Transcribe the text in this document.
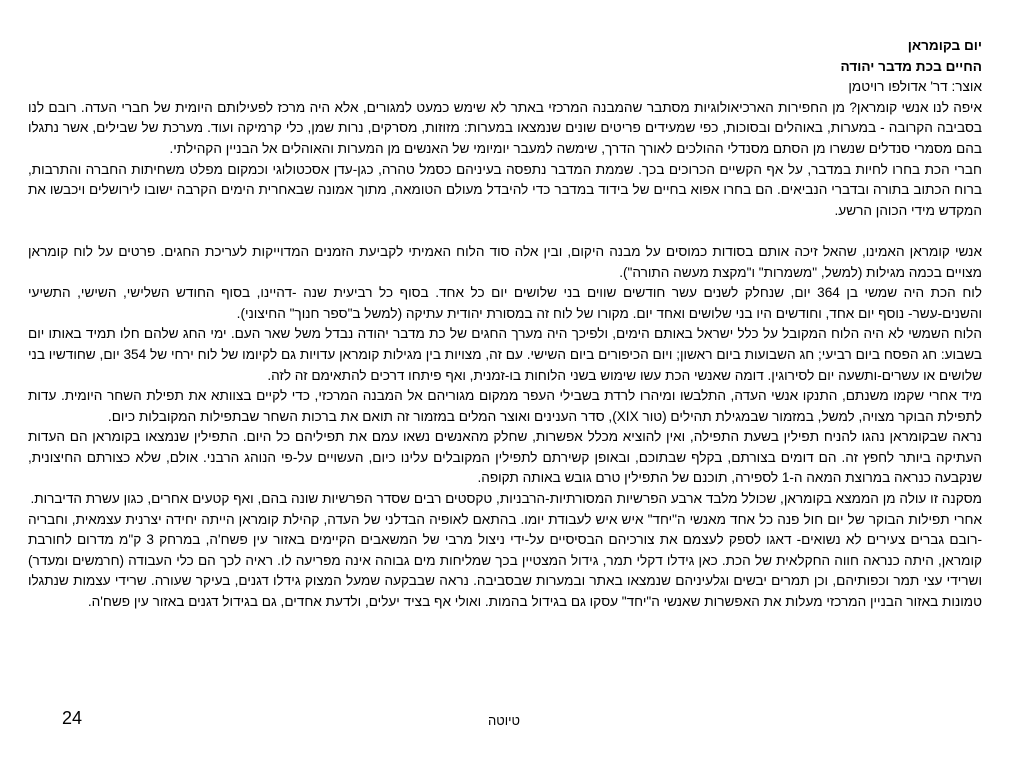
יום בקומראן

החיים בכת מדבר יהודה

אוצר: דר' אדולפו רויטמן

איפה לנו אנשי קומראן? מן החפירות הארכיאולוגיות מסתבר שהמבנה המרכזי באתר לא שימש כמעט למגורים, אלא היה מרכז לפעילותם היומית של חברי העדה. רובם לנו בסביבה הקרובה - במערות, באוהלים ובסוכות, כפי שמעידים פריטים שונים שנמצאו במערות: מזוזות, מסרקים, נרות שמן, כלי קרמיקה ועוד. מערכת של שבילים, אשר נתגלו בהם מסמרי סנדלים שנשרו מן הסתם מסנדלי ההולכים לאורך הדרך, שימשה למעבר יומיומי של האנשים מן המערות והאוהלים אל הבניין הקהילתי.

חברי הכת בחרו לחיות במדבר, על אף הקשיים הכרוכים בכך. שממת המדבר נתפסה בעיניהם כסמל טהרה, כגן-עדן אסכטולוגי וכמקום מפלט משחיתות החברה והתרבות, ברוח הכתוב בתורה ובדברי הנביאים. הם בחרו אפוא בחיים של בידוד במדבר כדי להיבדל מעולם הטומאה, מתוך אמונה שבאחרית הימים הקרבה ישובו לירושלים ויכבשו את המקדש מידי הכוהן הרשע.

אנשי קומראן האמינו, שהאל זיכה אותם בסודות כמוסים על מבנה היקום, ובין אלה סוד הלוח האמיתי לקביעת הזמנים המדוייקות לעריכת החגים. פרטים על לוח קומראן מצויים בכמה מגילות (למשל, "משמרות" ו"מקצת מעשה התורה").

לוח הכת היה שמשי בן 364 יום, שנחלק לשנים עשר חודשים שווים בני שלושים יום כל אחד. בסוף כל רביעית שנה -דהיינו, בסוף החודש השלישי, השישי, התשיעי והשנים-עשר- נוסף יום אחד, וחודשים היו בני שלושים ואחד יום. מקורו של לוח זה במסורת יהודית עתיקה (למשל ב"ספר חנוך" החיצוני).

הלוח השמשי לא היה הלוח המקובל על כלל ישראל באותם הימים, ולפיכך היה מערך החגים של כת מדבר יהודה נבדל משל שאר העם. ימי החג שלהם חלו תמיד באותו יום בשבוע: חג הפסח ביום רביעי; חג השבועות ביום ראשון; ויום הכיפורים ביום השישי. עם זה, מצויות בין מגילות קומראן עדויות גם לקיומו של לוח ירחי של 354 יום, שחודשיו בני שלושים או עשרים-ותשעה יום לסירוגין. דומה שאנשי הכת עשו שימוש בשני הלוחות בו-זמנית, ואף פיתחו דרכים להתאימם זה לזה.

מיד אחרי שקמו משנתם, התנקו אנשי העדה, התלבשו ומיהרו לרדת בשבילי העפר ממקום מגוריהם אל המבנה המרכזי, כדי לקיים בצוותא את תפילת השחר היומית. עדות לתפילת הבוקר מצויה, למשל, במזמור שבמגילת תהילים (טור XIX), סדר הענינים ואוצר המלים במזמור זה תואם את ברכות השחר שבתפילות המקובלות כיום.

נראה שבקומראן נהגו להניח תפילין בשעת התפילה, ואין להוציא מכלל אפשרות, שחלק מהאנשים נשאו עמם את תפיליהם כל היום. התפילין שנמצאו בקומראן הם העדות העתיקה ביותר לחפץ זה. הם דומים בצורתם, בקלף שבתוכם, ובאופן קשירתם לתפילין המקובלים עלינו כיום, העשויים על-פי הנוהג הרבני. אולם, שלא כצורתם החיצונית, שנקבעה כנראה במרוצת המאה ה-1 לספירה, תוכנם של התפילין טרם גובש באותה תקופה.

מסקנה זו עולה מן הממצא בקומראן, שכולל מלבד ארבע הפרשיות המסורתיות-הרבניות, טקסטים רבים שסדר הפרשיות שונה בהם, ואף קטעים אחרים, כגון עשרת הדיברות.

אחרי תפילות הבוקר של יום חול פנה כל אחד מאנשי ה"יחד" איש איש לעבודת יומו. בהתאם לאופיה הבדלני של העדה, קהילת קומראן הייתה יחידה יצרנית עצמאית, וחבריה -רובם גברים צעירים לא נשואים- דאגו לספק לעצמם את צורכיהם הבסיסיים על-ידי ניצול מרבי של המשאבים הקיימים באזור עין פשח'ה, במרחק 3 ק"מ מדרום לחורבת קומראן, היתה כנראה חווה החקלאית של הכת. כאן גידלו דקלי תמר, גידול המצטיין בכך שמליחות מים גבוהה אינה מפריעה לו. ראיה לכך הם כלי העבודה (חרמשים ומעדר) ושרידי עצי תמר וכפותיהם, וכן תמרים יבשים וגלעיניהם שנמצאו באתר ובמערות שבסביבה. נראה שבבקעה שמעל המצוק גידלו דגנים, בעיקר שעורה. שרידי עצמות שנתגלו טמונות באזור הבניין המרכזי מעלות את האפשרות שאנשי ה"יחד" עסקו גם בגידול בהמות. ואולי אף בציד יעלים, ולדעת אחדים, גם בגידול דגנים באזור עין פשח'ה.

24	טיוטה
